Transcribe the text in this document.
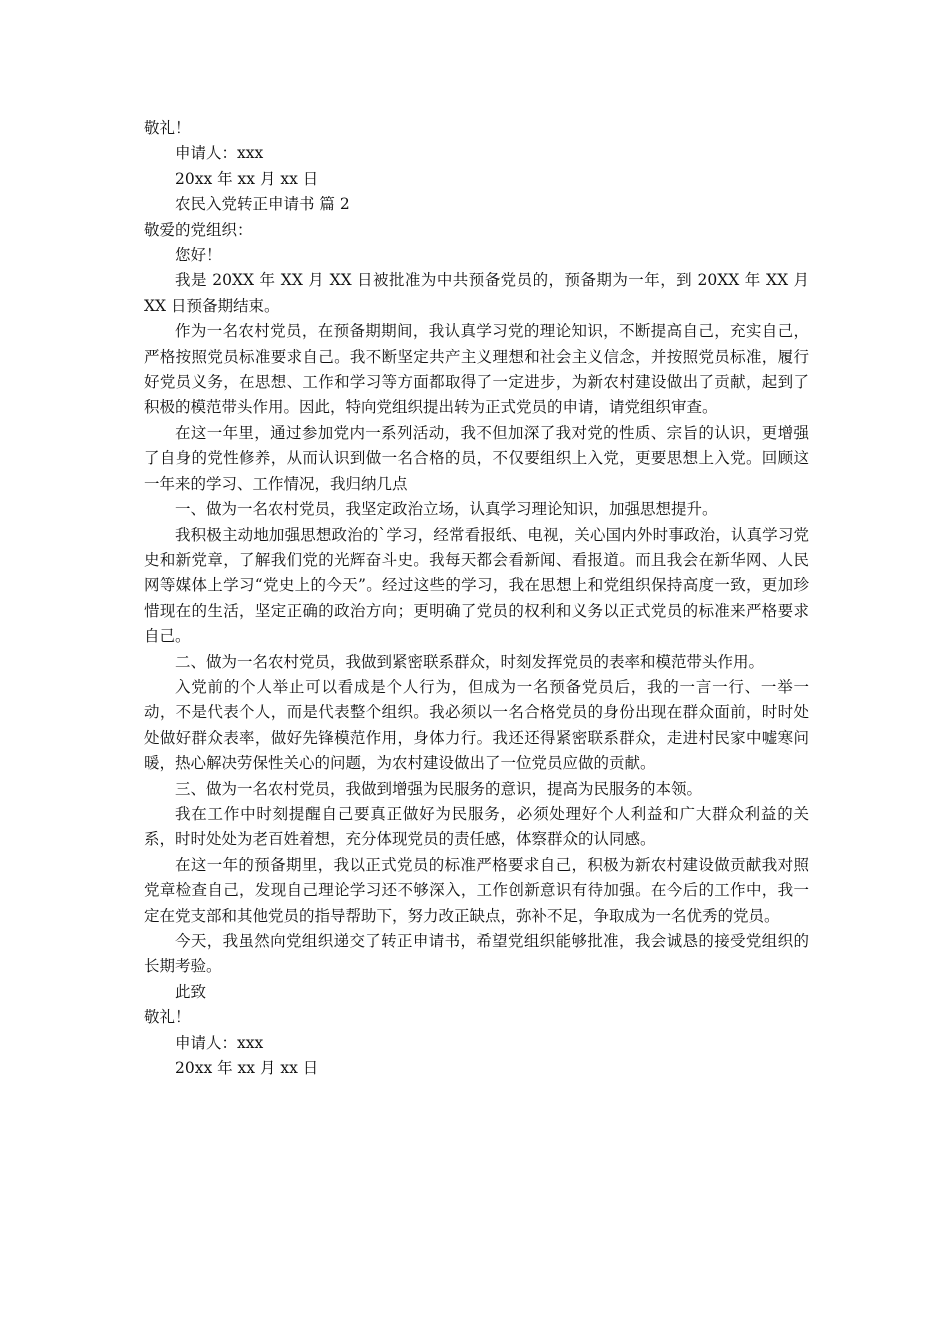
敬礼！

申请人：xxx

20xx 年 xx 月 xx 日

农民入党转正申请书 篇 2

敬爱的党组织：

您好！

我是 20XX 年 XX 月 XX 日被批准为中共预备党员的，预备期为一年，到 20XX 年 XX 月 XX 日预备期结束。

作为一名农村党员，在预备期期间，我认真学习党的理论知识，不断提高自己，充实自己，严格按照党员标准要求自己。我不断坚定共产主义理想和社会主义信念，并按照党员标准，履行好党员义务，在思想、工作和学习等方面都取得了一定进步，为新农村建设做出了贡献，起到了积极的模范带头作用。因此，特向党组织提出转为正式党员的申请，请党组织审查。

在这一年里，通过参加党内一系列活动，我不但加深了我对党的性质、宗旨的认识，更增强了自身的党性修养，从而认识到做一名合格的员，不仅要组织上入党，更要思想上入党。回顾这一年来的学习、工作情况，我归纳几点

一、做为一名农村党员，我坚定政治立场，认真学习理论知识，加强思想提升。

我积极主动地加强思想政治的`学习，经常看报纸、电视，关心国内外时事政治，认真学习党史和新党章，了解我们党的光辉奋斗史。我每天都会看新闻、看报道。而且我会在新华网、人民网等媒体上学习“党史上的今天”。经过这些的学习，我在思想上和党组织保持高度一致，更加珍惜现在的生活，坚定正确的政治方向；更明确了党员的权利和义务以正式党员的标准来严格要求自己。

二、做为一名农村党员，我做到紧密联系群众，时刻发挥党员的表率和模范带头作用。

入党前的个人举止可以看成是个人行为，但成为一名预备党员后，我的一言一行、一举一动，不是代表个人，而是代表整个组织。我必须以一名合格党员的身份出现在群众面前，时时处处做好群众表率，做好先锋模范作用，身体力行。我还还得紧密联系群众，走进村民家中嘘寒问暖，热心解决劳保性关心的问题，为农村建设做出了一位党员应做的贡献。

三、做为一名农村党员，我做到增强为民服务的意识，提高为民服务的本领。

我在工作中时刻提醒自己要真正做好为民服务，必须处理好个人利益和广大群众利益的关系，时时处处为老百姓着想，充分体现党员的责任感，体察群众的认同感。

在这一年的预备期里，我以正式党员的标准严格要求自己，积极为新农村建设做贡献我对照党章检查自己，发现自己理论学习还不够深入，工作创新意识有待加强。在今后的工作中，我一定在党支部和其他党员的指导帮助下，努力改正缺点，弥补不足，争取成为一名优秀的党员。

今天，我虽然向党组织递交了转正申请书，希望党组织能够批准，我会诚恳的接受党组织的长期考验。

此致

敬礼！

申请人：xxx

20xx 年 xx 月 xx 日
